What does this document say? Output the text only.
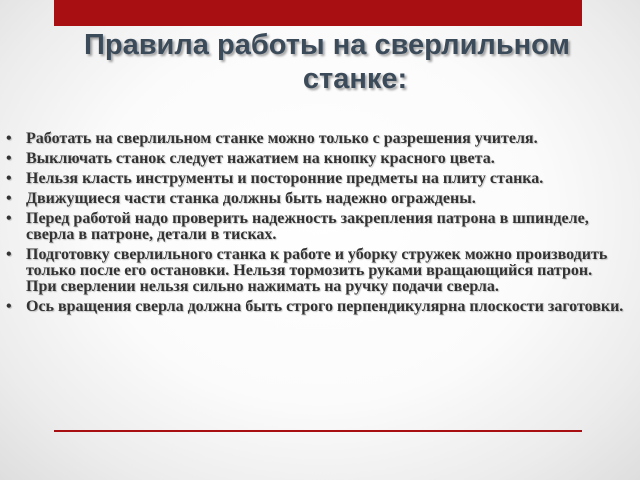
Правила работы на сверлильном
станке:
• Работать на сверлильном станке можно только с разрешения учителя.
• Выключать станок следует нажатием на кнопку красного цвета.
• Нельзя класть инструменты и посторонние предметы на плиту станка.
• Движущиеся части станка должны быть надежно ограждены.
• Перед работой надо проверить надежность закрепления патрона в шпинделе, сверла в патроне, детали в тисках.
• Подготовку сверлильного станка к работе и уборку стружек можно производить только после его остановки. Нельзя тормозить руками вращающийся патрон. При сверлении нельзя сильно нажимать на ручку подачи сверла.
• Ось вращения сверла должна быть строго перпендикулярна плоскости заготовки.
